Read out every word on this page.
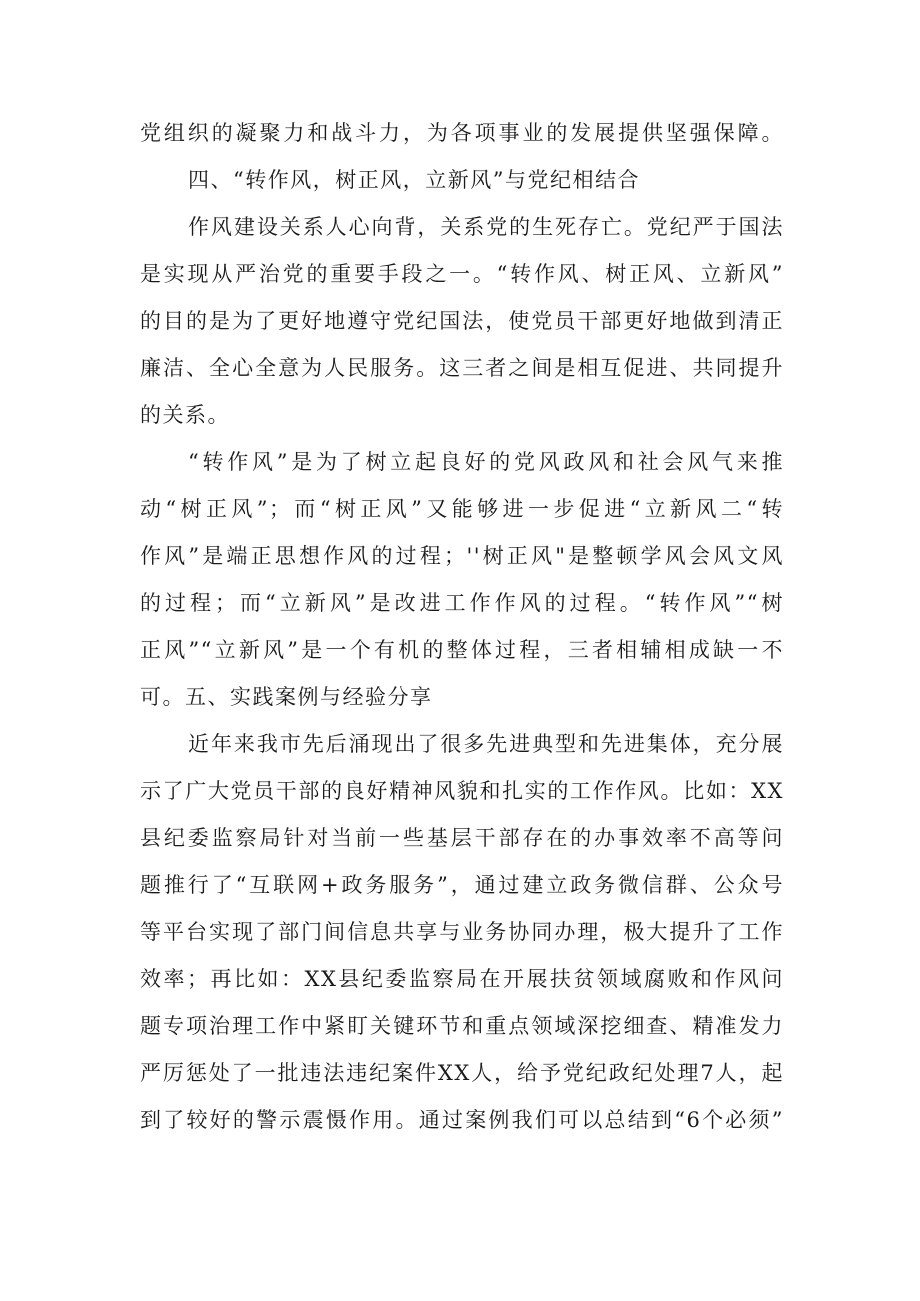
党组织的凝聚力和战斗力，为各项事业的发展提供坚强保障。
四、“转作风，树正风，立新风”与党纪相结合
作风建设关系人心向背，关系党的生死存亡。党纪严于国法
是实现从严治党的重要手段之一。“转作风、树正风、立新风”
的目的是为了更好地遵守党纪国法，使党员干部更好地做到清正
廉洁、全心全意为人民服务。这三者之间是相互促进、共同提升
的关系。
“转作风”是为了树立起良好的党风政风和社会风气来推
动“树正风”；而“树正风”又能够进一步促进“立新风二“转
作风”是端正思想作风的过程；''树正风"是整顿学风会风文风
的过程；而“立新风”是改进工作作风的过程。“转作风”“树
正风”“立新风”是一个有机的整体过程，三者相辅相成缺一不
可。五、实践案例与经验分享
近年来我市先后涌现出了很多先进典型和先进集体，充分展
示了广大党员干部的良好精神风貌和扎实的工作作风。比如：XX
县纪委监察局针对当前一些基层干部存在的办事效率不高等问
题推行了“互联网+政务服务”，通过建立政务微信群、公众号
等平台实现了部门间信息共享与业务协同办理，极大提升了工作
效率；再比如：XX县纪委监察局在开展扶贫领域腐败和作风问
题专项治理工作中紧盯关键环节和重点领域深挖细查、精准发力
严厉惩处了一批违法违纪案件XX人，给予党纪政纪处理7人，起
到了较好的警示震慑作用。通过案例我们可以总结到“6个必须”
